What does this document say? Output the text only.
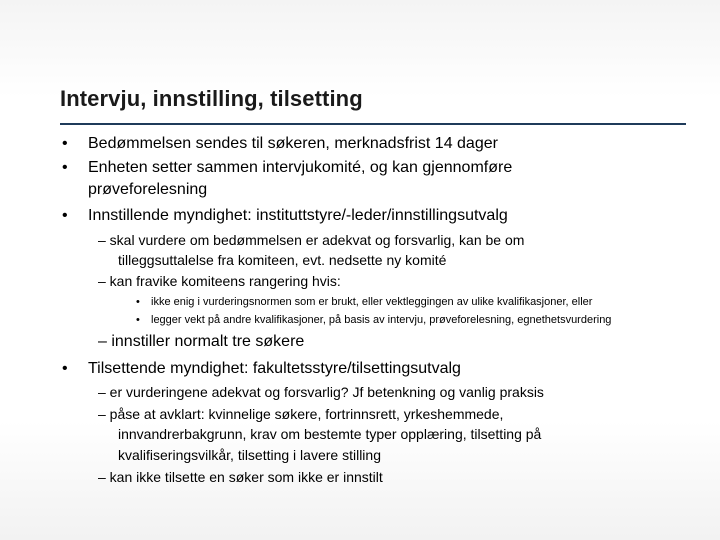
Intervju, innstilling, tilsetting
• Bedømmelsen sendes til søkeren, merknadsfrist 14 dager
• Enheten setter sammen intervjukomité, og kan gjennomføre
prøveforelesning
• Innstillende myndighet: instituttstyre/-leder/innstillingsutvalg
– skal vurdere om bedømmelsen er adekvat og forsvarlig, kan be om
tilleggsuttalelse fra komiteen, evt. nedsette ny komité
– kan fravike komiteens rangering hvis:
• ikke enig i vurderingsnormen som er brukt, eller vektleggingen av ulike kvalifikasjoner, eller
• legger vekt på andre kvalifikasjoner, på basis av intervju, prøveforelesning, egnethetsvurdering
– innstiller normalt tre søkere
• Tilsettende myndighet: fakultetsstyre/tilsettingsutvalg
– er vurderingene adekvat og forsvarlig? Jf betenkning og vanlig praksis
– påse at avklart: kvinnelige søkere, fortrinnsrett, yrkeshemmede,
innvandrerbakgrunn, krav om bestemte typer opplæring, tilsetting på
kvalifiseringsvilkår, tilsetting i lavere stilling
– kan ikke tilsette en søker som ikke er innstilt
